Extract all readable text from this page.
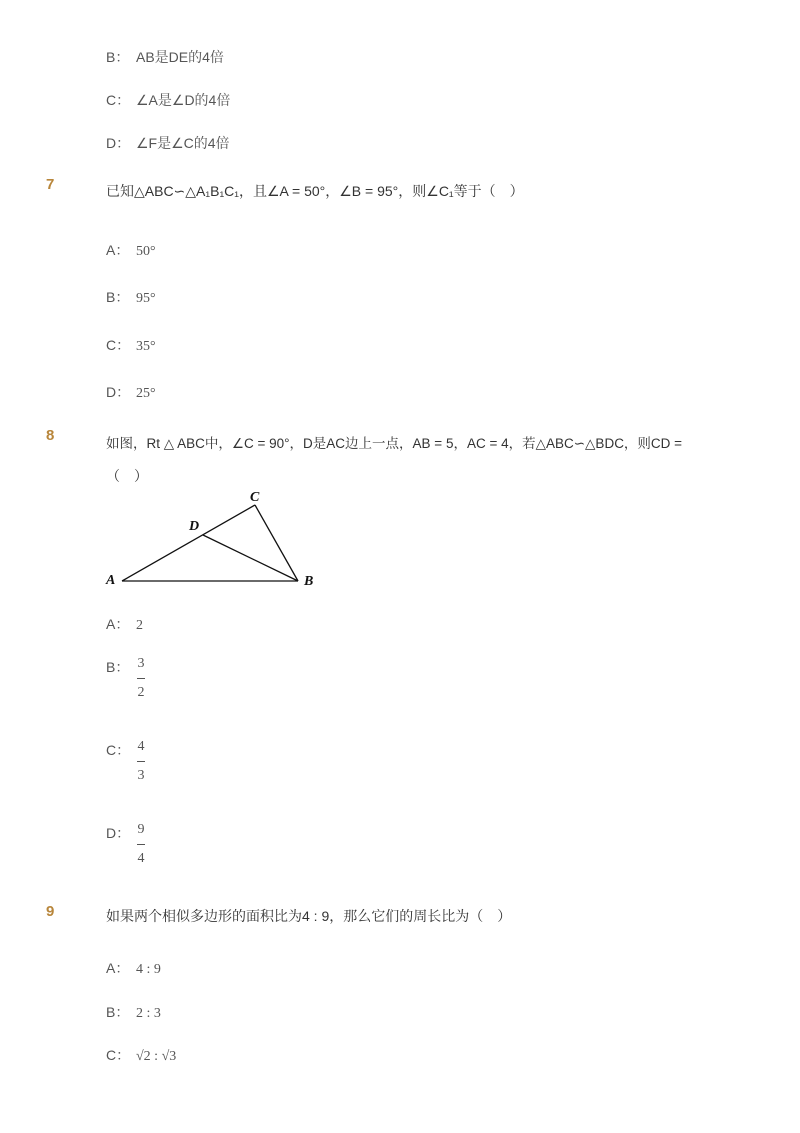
B： AB是DE的4倍
C： ∠A是∠D的4倍
D： ∠F是∠C的4倍
7	已知△ABC∽△A₁B₁C₁，且∠A = 50°，∠B = 95°，则∠C₁等于（　）
A： 50°
B： 95°
C： 35°
D： 25°
8	如图，Rt △ ABC中，∠C = 90°，D是AC边上一点，AB = 5，AC = 4，若△ABC∽△BDC，则CD =
（　）
A	B
C
D
A： 2
B： 3
2
C： 4
3
D： 9
4
9	如果两个相似多边形的面积比为4 : 9，那么它们的周长比为（　）
A： 4 : 9
B： 2 : 3
C： √2 : √3
